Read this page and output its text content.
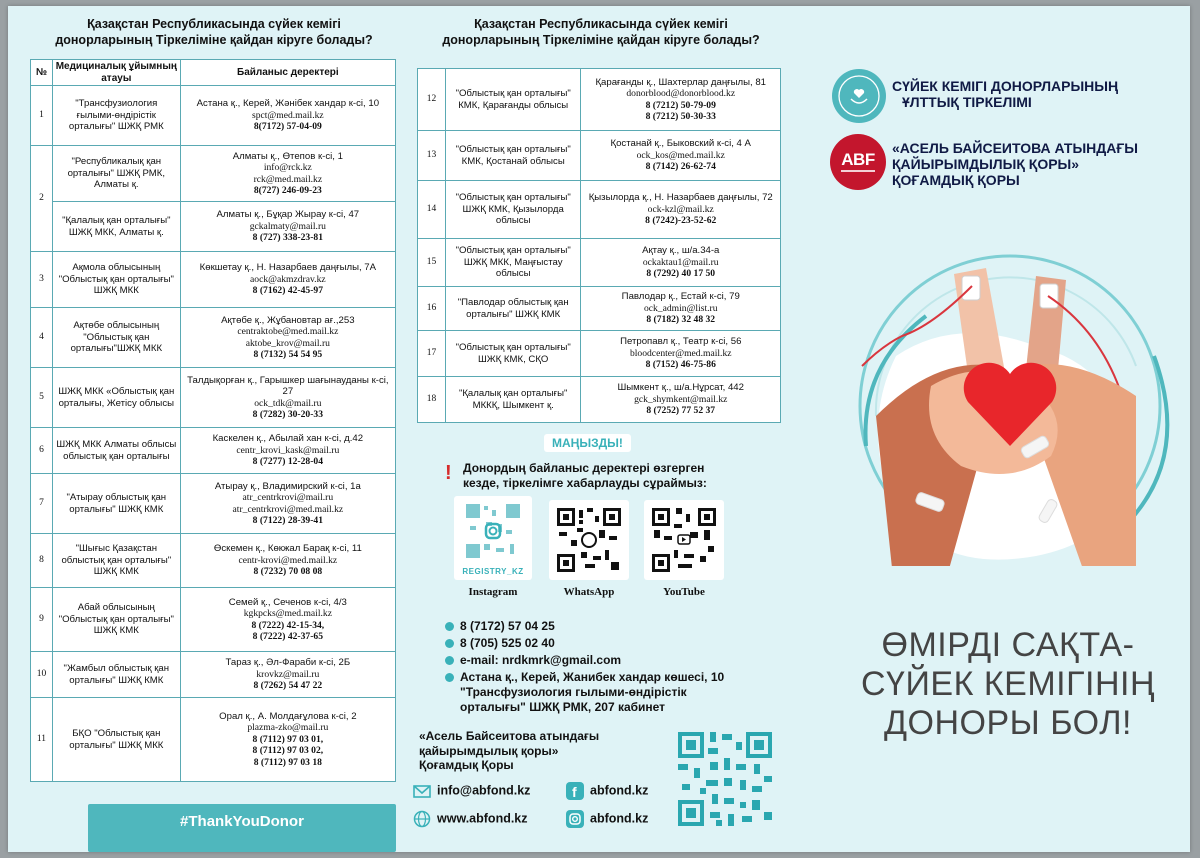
Қазақстан Республикасында сүйек кемігі
донорларының Тіркеліміне қайдан кіруге болады?
№	Медициналық ұйымның атауы	Байланыс деректері
1	"Трансфузиология ғылыми-өндірістік орталығы" ШЖҚ РМК	Астана қ., Керей, Жәнібек хандар к-сі, 10
spct@med.mail.kz
8(7172) 57-04-09

2	"Республикалық қан орталығы" ШЖҚ РМК, Алматы қ.	Алматы қ., Өтепов к-сі, 1
info@rck.kz
rck@med.mail.kz
8(727) 246-09-23

	"Қалалық қан орталығы" ШЖҚ МКК, Алматы қ.	Алматы қ., Бұқар Жырау к-сі, 47
gckalmaty@mail.ru
8 (727) 338-23-81

3	Ақмола облысының "Облыстық қан орталығы" ШЖҚ МКК	Көкшетау қ., Н. Назарбаев даңғылы, 7А
aock@akmzdrav.kz
8 (7162) 42-45-97

4	Ақтөбе облысының "Облыстық қан орталығы"ШЖҚ МКК	Ақтөбе қ., Жұбановтар ағ.,253
centraktobe@med.mail.kz
aktobe_krov@mail.ru
8 (7132) 54 54 95

5	ШЖҚ МКК «Облыстық қан орталығы, Жетісу облысы	Талдықорған қ., Гарышкер шағынауданы к-сі, 27
ock_tdk@mail.ru
8 (7282) 30-20-33

6	ШЖҚ МКК Алматы облысы облыстық қан орталығы	Каскелен қ., Абылай хан к-сі, д.42
centr_krovi_kask@mail.ru
8 (7277) 12-28-04

7	"Атырау облыстық қан орталығы" ШЖҚ КМК	Атырау қ., Владимирский к-сі, 1а
atr_centrkrovi@mail.ru
atr_centrkrovi@med.mail.kz
8 (7122) 28-39-41

8	"Шығыс Қазақстан облыстық қан орталығы" ШЖҚ КМК	Өскемен қ., Көкжал Барақ к-сі, 11
centr-krovi@med.mail.kz
8 (7232) 70 08 08

9	Абай облысының "Облыстық қан орталығы" ШЖҚ КМК	Семей қ., Сеченов к-сі, 4/3
kgkpcks@med.mail.kz
8 (7222) 42-15-34,
8 (7222) 42-37-65

10	"Жамбыл облыстық қан орталығы" ШЖҚ КМК	Тараз қ., Әл-Фараби к-сі, 2Б
krovkz@mail.ru
8 (7262) 54 47 22

11	БҚО "Облыстық қан орталығы" ШЖҚ МКК	Орал қ., А. Молдағұлова к-сі, 2
plazma-zko@mail.ru
8 (7112) 97 03 01,
8 (7112) 97 03 02,
8 (7112) 97 03 18
Қазақстан Республикасында сүйек кемігі
донорларының Тіркеліміне қайдан кіруге болады?
12	"Облыстық қан орталығы" КМК, Қарағанды облысы	Қарағанды қ., Шахтерлар даңғылы, 81
donorblood@donorblood.kz
8 (7212) 50-79-09
8 (7212) 50-30-33

13	"Облыстық қан орталығы" КМК, Қостанай облысы	Қостанай қ., Быковский к-сі, 4 А
ock_kos@med.mail.kz
8 (7142) 26-62-74

14	"Облыстық қан орталығы" ШЖҚ КМК, Қызылорда облысы	Қызылорда қ., Н. Назарбаев даңғылы, 72
ock-kzl@mail.kz
8 (7242)-23-52-62

15	"Облыстық қан орталығы" ШЖҚ МКК, Маңғыстау облысы	Ақтау қ., ш/а.34-а
ockaktau1@mail.ru
8 (7292) 40 17 50

16	"Павлодар облыстық қан орталығы" ШЖҚ КМК	Павлодар қ., Естай к-сі, 79
ock_admin@list.ru
8 (7182) 32 48 32

17	"Облыстық қан орталығы" ШЖҚ КМК, СҚО	Петропавл қ., Театр к-сі, 56
bloodcenter@med.mail.kz
8 (7152) 46-75-86

18	"Қалалық қан орталығы" МККҚ, Шымкент қ.	Шымкент қ., ш/а.Нұрсат, 442
gck_shymkent@mail.kz
8 (7252) 77 52 37
МАҢЫЗДЫ!
! Донордың байланыс деректері өзгерген
кезде, тіркелімге хабарлауды сұраймыз:
REGISTRY_KZ
Instagram	WhatsApp	YouTube
8 (7172) 57 04 25
8 (705) 525 02 40
e-mail: nrdkmrk@gmail.com
Астана қ., Керей, Жанибек хандар көшесі, 10
"Трансфузиология гылыми-өндірістік
орталығы" ШЖҚ РМК, 207 кабинет
«Асель Байсеитова атындағы
қайырымдылық қоры»
Қоғамдық Қоры
info@abfond.kz	f abfond.kz
www.abfond.kz	abfond.kz
#ThankYouDonor
СҮЙЕК КЕМІГІ ДОНОРЛАРЫНЫҢ
ҰЛТТЫҚ ТІРКЕЛІМІ
ABF
«АСЕЛЬ БАЙСЕИТОВА АТЫНДАҒЫ
ҚАЙЫРЫМДЫЛЫҚ ҚОРЫ»
ҚОҒАМДЫҚ ҚОРЫ
ӨМІРДІ САҚТА-
СҮЙЕК КЕМІГІНІҢ
ДОНОРЫ БОЛ!
